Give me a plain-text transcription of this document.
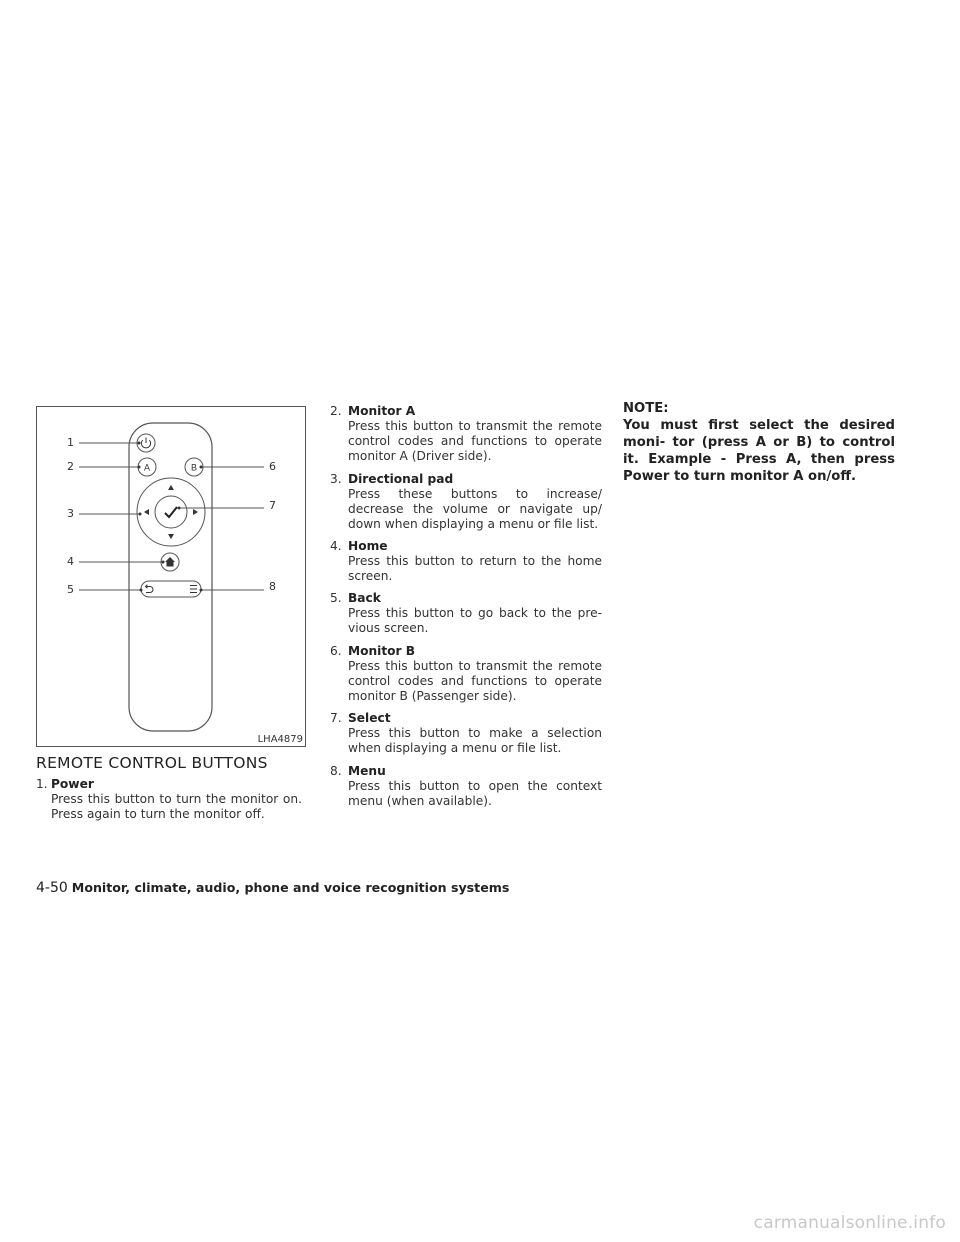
A	B
1
2
3
4
5
6
7
8
LHA4879
REMOTE CONTROL BUTTONS
1. Power
Press this button to turn the monitor on. Press again to turn the monitor off.
2. Monitor A
Press this button to transmit the remote control codes and functions to operate monitor A (Driver side).
3. Directional pad
Press these buttons to increase/ decrease the volume or navigate up/ down when displaying a menu or file list.
4. Home
Press this button to return to the home screen.
5. Back
Press this button to go back to the pre- vious screen.
6. Monitor B
Press this button to transmit the remote control codes and functions to operate monitor B (Passenger side).
7. Select
Press this button to make a selection when displaying a menu or file list.
8. Menu
Press this button to open the context menu (when available).
NOTE:
You must first select the desired moni- tor (press A or B) to control it. Example - Press A, then press Power to turn monitor A on/off.
4-50 Monitor, climate, audio, phone and voice recognition systems
carmanualsonline.info
